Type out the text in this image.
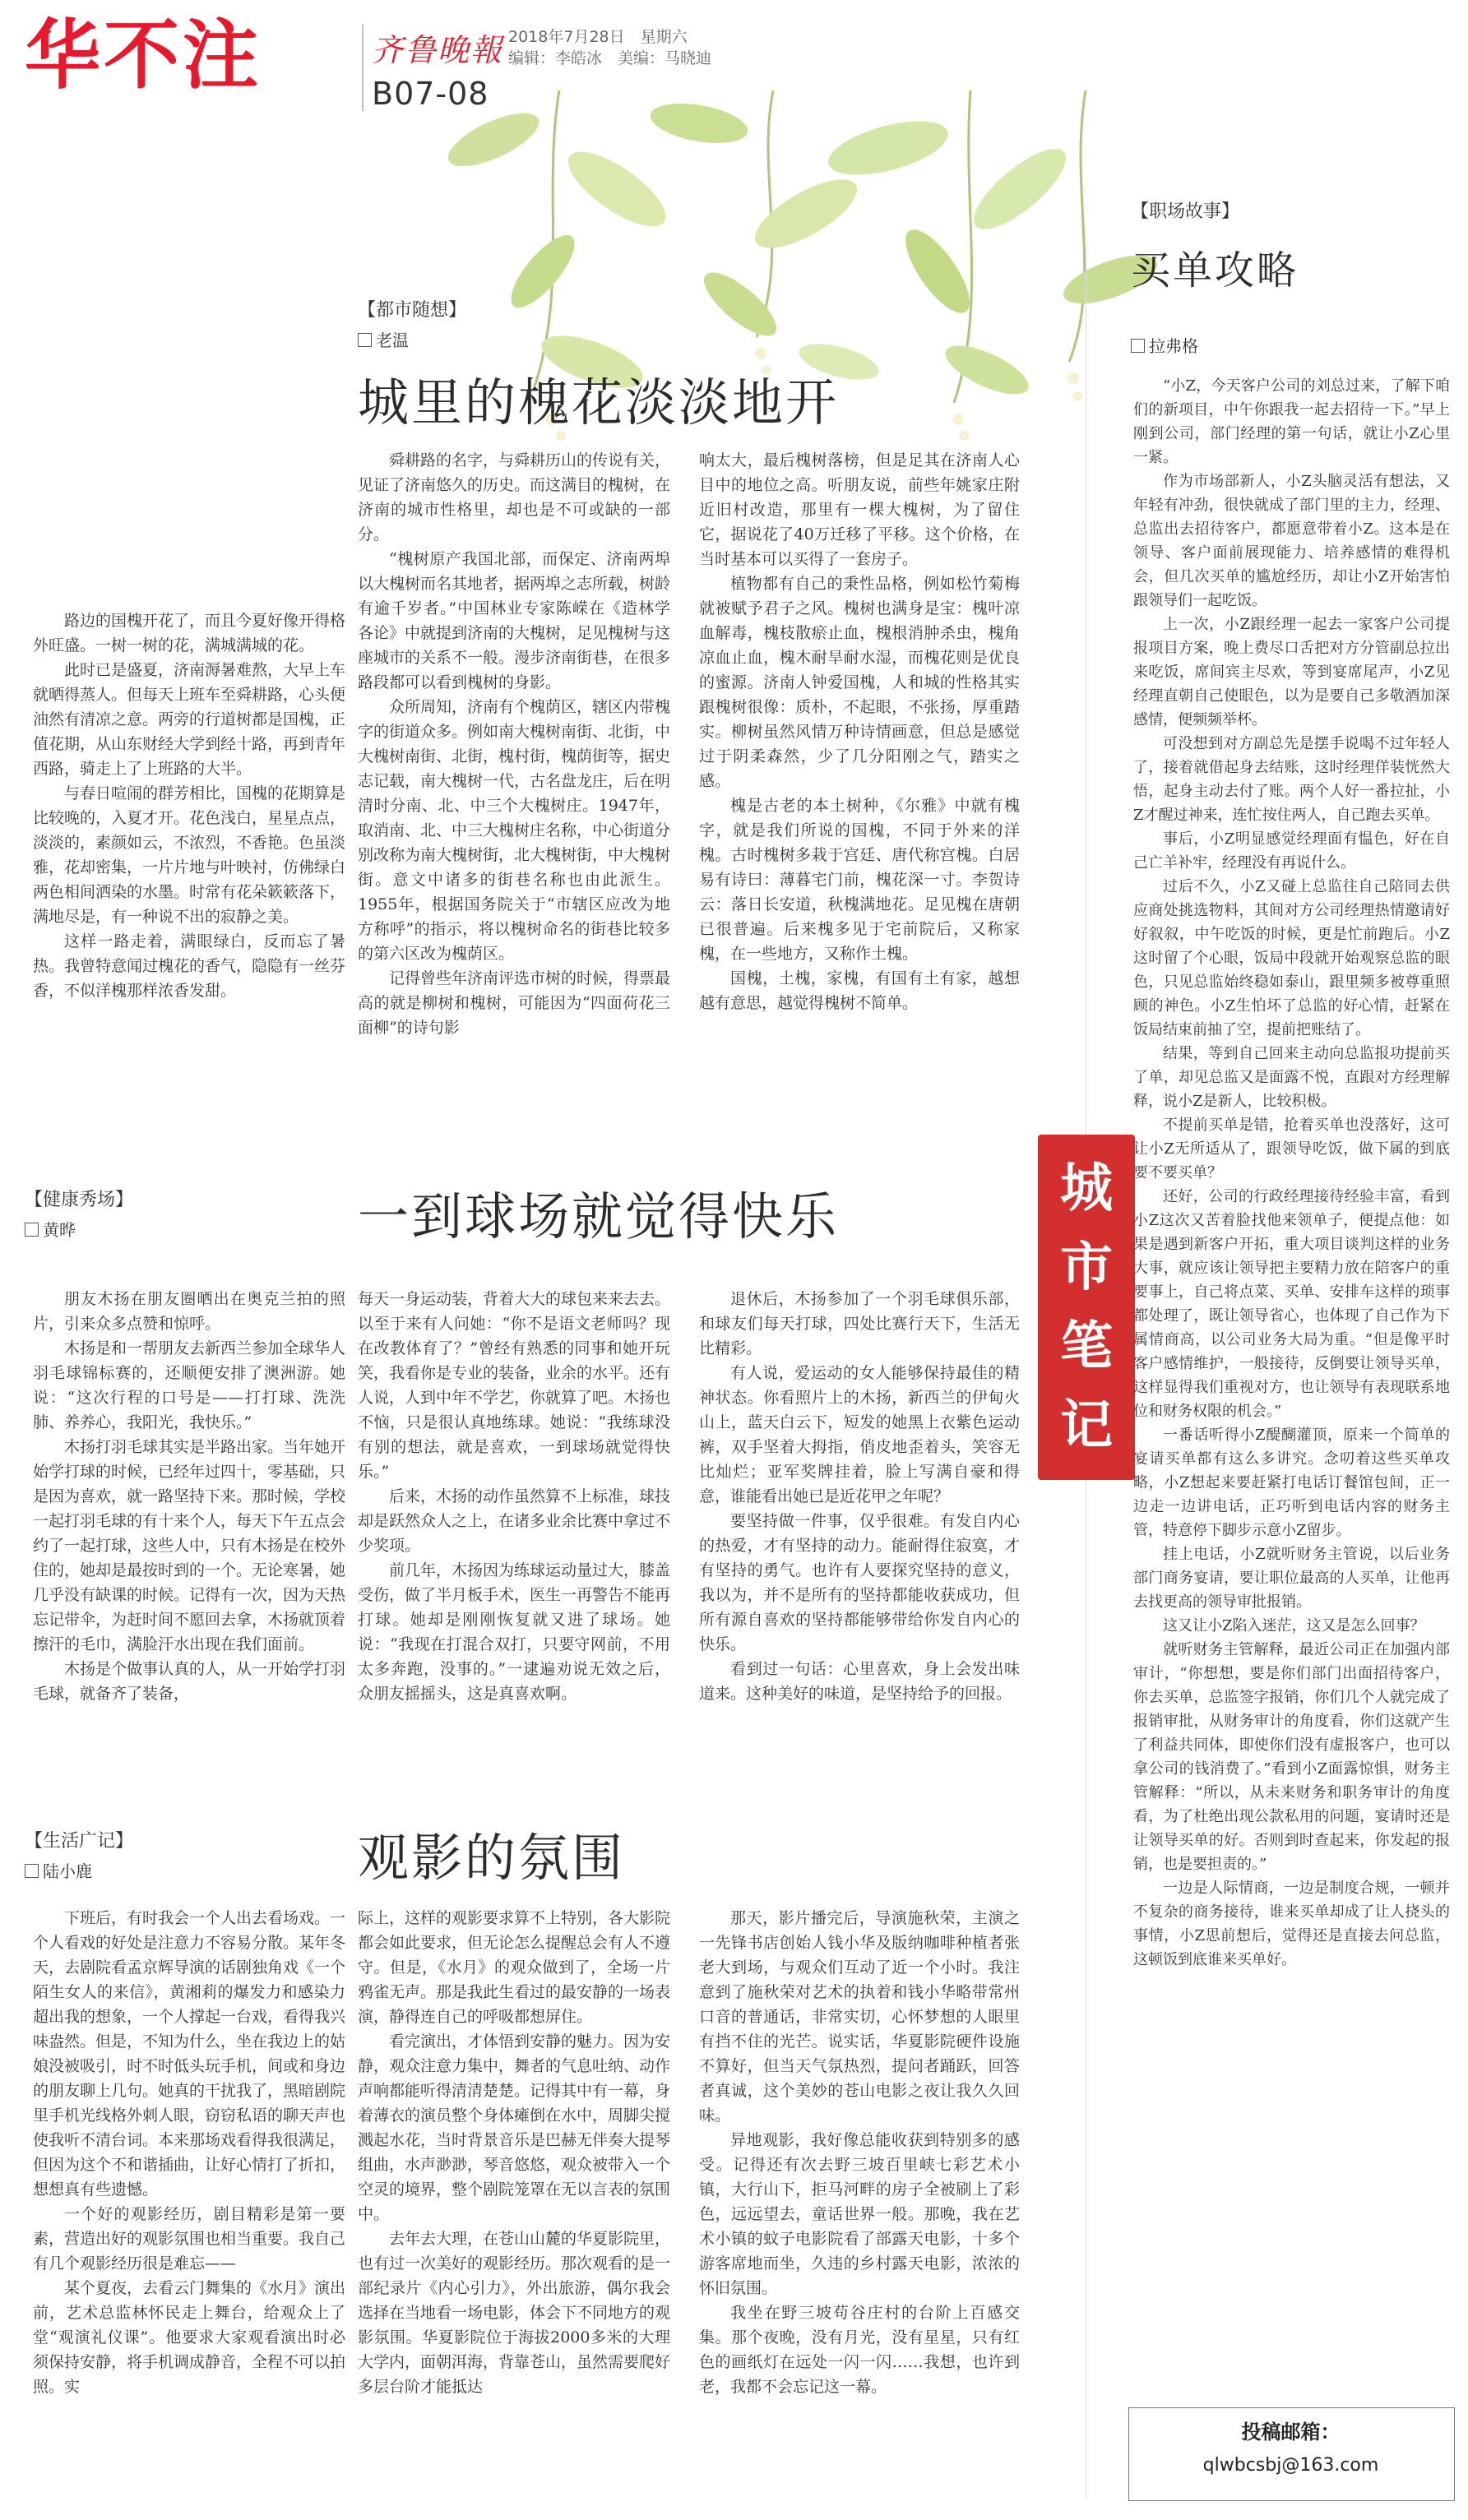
华不注	齐鲁晚報
B07-08
2018年7月28日　星期六
编辑：李皓冰　美编：马晓迪
【都市随想】
老温
城里的槐花淡淡地开

路边的国槐开花了，而且今夏好像开得格外旺盛。一树一树的花，满城满城的花。

此时已是盛夏，济南溽暑难熬，大早上车就晒得蒸人。但每天上班车至舜耕路，心头便油然有清凉之意。两旁的行道树都是国槐，正值花期，从山东财经大学到经十路，再到青年西路，骑走上了上班路的大半。

与春日喧闹的群芳相比，国槐的花期算是比较晚的，入夏才开。花色浅白，星星点点，淡淡的，素颜如云，不浓烈，不香艳。色虽淡雅，花却密集，一片片地与叶映衬，仿佛绿白两色相间洒染的水墨。时常有花朵簌簌落下，满地尽是，有一种说不出的寂静之美。

这样一路走着，满眼绿白，反而忘了暑热。我曾特意闻过槐花的香气，隐隐有一丝芬香，不似洋槐那样浓香发甜。

舜耕路的名字，与舜耕历山的传说有关，见证了济南悠久的历史。而这满目的槐树，在济南的城市性格里，却也是不可或缺的一部分。

“槐树原产我国北部，而保定、济南两埠以大槐树而名其地者，据两埠之志所载，树龄有逾千岁者。”中国林业专家陈嵘在《造林学各论》中就提到济南的大槐树，足见槐树与这座城市的关系不一般。漫步济南街巷，在很多路段都可以看到槐树的身影。

众所周知，济南有个槐荫区，辖区内带槐字的街道众多。例如南大槐树南街、北街，中大槐树南街、北街，槐村街，槐荫街等，据史志记载，南大槐树一代，古名盘龙庄，后在明清时分南、北、中三个大槐树庄。1947年，取消南、北、中三大槐树庄名称，中心街道分别改称为南大槐树街，北大槐树街，中大槐树街。意文中诸多的街巷名称也由此派生。1955年，根据国务院关于“市辖区应改为地方称呼”的指示，将以槐树命名的街巷比较多的第六区改为槐荫区。

记得曾些年济南评选市树的时候，得票最高的就是柳树和槐树，可能因为“四面荷花三面柳”的诗句影

响太大，最后槐树落榜，但是足其在济南人心目中的地位之高。听朋友说，前些年姚家庄附近旧村改造，那里有一棵大槐树，为了留住它，据说花了40万迁移了平移。这个价格，在当时基本可以买得了一套房子。

植物都有自己的秉性品格，例如松竹菊梅就被赋予君子之风。槐树也满身是宝：槐叶凉血解毒，槐枝散瘀止血，槐根消肿杀虫，槐角凉血止血，槐木耐旱耐水湿，而槐花则是优良的蜜源。济南人钟爱国槐，人和城的性格其实跟槐树很像：质朴，不起眼，不张扬，厚重踏实。柳树虽然风情万种诗情画意，但总是感觉过于阴柔森然，少了几分阳刚之气，踏实之感。

槐是古老的本土树种，《尔雅》中就有槐字，就是我们所说的国槐，不同于外来的洋槐。古时槐树多栽于宫廷、唐代称宫槐。白居易有诗曰：薄暮宅门前，槐花深一寸。李贺诗云：落日长安道，秋槐满地花。足见槐在唐朝已很普遍。后来槐多见于宅前院后，又称家槐，在一些地方，又称作土槐。

国槐，土槐，家槐，有国有土有家，越想越有意思，越觉得槐树不简单。

【健康秀场】
黄晔	一到球场就觉得快乐

朋友木扬在朋友圈晒出在奥克兰拍的照片，引来众多点赞和惊呼。

木扬是和一帮朋友去新西兰参加全球华人羽毛球锦标赛的，还顺便安排了澳洲游。她说：“这次行程的口号是——打打球、洗洗肺、养养心，我阳光，我快乐。”

木扬打羽毛球其实是半路出家。当年她开始学打球的时候，已经年过四十，零基础，只是因为喜欢，就一路坚持下来。那时候，学校一起打羽毛球的有十来个人，每天下午五点会约了一起打球，这些人中，只有木扬是在校外住的，她却是最按时到的一个。无论寒暑，她几乎没有缺课的时候。记得有一次，因为天热忘记带伞，为赶时间不愿回去拿，木扬就顶着擦汗的毛巾，满脸汗水出现在我们面前。

木扬是个做事认真的人，从一开始学打羽毛球，就备齐了装备，

每天一身运动装，背着大大的球包来来去去。以至于来有人问她：“你不是语文老师吗？现在改教体育了？”曾经有熟悉的同事和她开玩笑，我看你是专业的装备，业余的水平。还有人说，人到中年不学艺，你就算了吧。木扬也不恼，只是很认真地练球。她说：“我练球没有别的想法，就是喜欢，一到球场就觉得快乐。”

后来，木扬的动作虽然算不上标准，球技却是跃然众人之上，在诸多业余比赛中拿过不少奖项。

前几年，木扬因为练球运动量过大，膝盖受伤，做了半月板手术，医生一再警告不能再打球。她却是刚刚恢复就又进了球场。她说：“我现在打混合双打，只要守网前，不用太多奔跑，没事的。”一逮遍劝说无效之后，众朋友摇摇头，这是真喜欢啊。

退休后，木扬参加了一个羽毛球俱乐部，和球友们每天打球，四处比赛行天下，生活无比精彩。

有人说，爱运动的女人能够保持最佳的精神状态。你看照片上的木扬，新西兰的伊甸火山上，蓝天白云下，短发的她黑上衣紫色运动裤，双手坚着大拇指，俏皮地歪着头，笑容无比灿烂；亚军奖牌挂着，脸上写满自豪和得意，谁能看出她已是近花甲之年呢？

要坚持做一件事，仅乎很难。有发自内心的热爱，才有坚持的动力。能耐得住寂寞，才有坚持的勇气。也许有人要探究坚持的意义，我以为，并不是所有的坚持都能收获成功，但所有源自喜欢的坚持都能够带给你发自内心的快乐。

看到过一句话：心里喜欢，身上会发出味道来。这种美好的味道，是坚持给予的回报。

【生活广记】
陆小鹿	观影的氛围

下班后，有时我会一个人出去看场戏。一个人看戏的好处是注意力不容易分散。某年冬天，去剧院看孟京辉导演的话剧独角戏《一个陌生女人的来信》，黄湘莉的爆发力和感染力超出我的想象，一个人撑起一台戏，看得我兴味盎然。但是，不知为什么，坐在我边上的姑娘没被吸引，时不时低头玩手机，间或和身边的朋友聊上几句。她真的干扰我了，黑暗剧院里手机光线格外刺人眼，窃窃私语的聊天声也使我听不清台词。本来那场戏看得我很满足，但因为这个不和谐插曲，让好心情打了折扣，想想真有些遗憾。

一个好的观影经历，剧目精彩是第一要素，营造出好的观影氛围也相当重要。我自己有几个观影经历很是难忘——

某个夏夜，去看云门舞集的《水月》演出前，艺术总监林怀民走上舞台，给观众上了堂“观演礼仪课”。他要求大家观看演出时必须保持安静，将手机调成静音，全程不可以拍照。实

际上，这样的观影要求算不上特别，各大影院都会如此要求，但无论怎么提醒总会有人不遵守。但是，《水月》的观众做到了，全场一片鸦雀无声。那是我此生看过的最安静的一场表演，静得连自己的呼吸都想屏住。

看完演出，才体悟到安静的魅力。因为安静，观众注意力集中，舞者的气息吐纳、动作声响都能听得清清楚楚。记得其中有一幕，身着薄衣的演员整个身体瘫倒在水中，周脚尖搅溅起水花，当时背景音乐是巴赫无伴奏大提琴组曲，水声渺渺，琴音悠悠，观众被带入一个空灵的境界，整个剧院笼罩在无以言表的氛围中。

去年去大理，在苍山山麓的华夏影院里，也有过一次美好的观影经历。那次观看的是一部纪录片《内心引力》，外出旅游，偶尔我会选择在当地看一场电影，体会下不同地方的观影氛围。华夏影院位于海拔2000多米的大理大学内，面朝洱海，背靠苍山，虽然需要爬好多层台阶才能抵达

那天，影片播完后，导演施秋荣，主演之一先锋书店创始人钱小华及版纳咖啡种植者张老大到场，与观众们互动了近一个小时。我注意到了施秋荣对艺术的执着和钱小华略带常州口音的普通话，非常实切，心怀梦想的人眼里有挡不住的光芒。说实话，华夏影院硬件设施不算好，但当天气氛热烈，提问者踊跃，回答者真诚，这个美妙的苍山电影之夜让我久久回味。

异地观影，我好像总能收获到特别多的感受。记得还有次去野三坡百里峡七彩艺术小镇，大行山下，拒马河畔的房子全被刷上了彩色，远远望去，童话世界一般。那晚，我在艺术小镇的蚊子电影院看了部露天电影，十多个游客席地而坐，久违的乡村露天电影，浓浓的怀旧氛围。

我坐在野三坡苟谷庄村的台阶上百感交集。那个夜晚，没有月光，没有星星，只有红色的画纸灯在远处一闪一闪……我想，也许到老，我都不会忘记这一幕。

城
市
笔
记
【职场故事】
买单攻略
拉弗格

“小Z，今天客户公司的刘总过来，了解下咱们的新项目，中午你跟我一起去招待一下。”早上刚到公司，部门经理的第一句话，就让小Z心里一紧。

作为市场部新人，小Z头脑灵活有想法，又年轻有冲劲，很快就成了部门里的主力，经理、总监出去招待客户，都愿意带着小Z。这本是在领导、客户面前展现能力、培养感情的难得机会，但几次买单的尴尬经历，却让小Z开始害怕跟领导们一起吃饭。

上一次，小Z跟经理一起去一家客户公司提报项目方案，晚上费尽口舌把对方分管副总拉出来吃饭，席间宾主尽欢，等到宴席尾声，小Z见经理直朝自己使眼色，以为是要自己多敬酒加深感情，便频频举杯。

可没想到对方副总先是摆手说喝不过年轻人了，接着就借起身去结账，这时经理佯装恍然大悟，起身主动去付了账。两个人好一番拉扯，小Z才醒过神来，连忙按住两人，自己跑去买单。

事后，小Z明显感觉经理面有愠色，好在自己亡羊补牢，经理没有再说什么。

过后不久，小Z又碰上总监往自己陪同去供应商处挑选物料，其间对方公司经理热情邀请好好叙叙，中午吃饭的时候，更是忙前跑后。小Z这时留了个心眼，饭局中段就开始观察总监的眼色，只见总监始终稳如泰山，跟里频多被尊重照顾的神色。小Z生怕坏了总监的好心情，赶紧在饭局结束前抽了空，提前把账结了。

结果，等到自己回来主动向总监报功提前买了单，却见总监又是面露不悦，直跟对方经理解释，说小Z是新人，比较积极。

不提前买单是错，抢着买单也没落好，这可让小Z无所适从了，跟领导吃饭，做下属的到底要不要买单？

还好，公司的行政经理接待经验丰富，看到小Z这次又苦着脸找他来领单子，便提点他：如果是遇到新客户开拓，重大项目谈判这样的业务大事，就应该让领导把主要精力放在陪客户的重要事上，自己将点菜、买单、安排车这样的琐事都处理了，既让领导省心，也体现了自己作为下属情商高，以公司业务大局为重。“但是像平时客户感情维护，一般接待，反倒要让领导买单，这样显得我们重视对方，也让领导有表现联系地位和财务权限的机会。”

一番话听得小Z醍醐灌顶，原来一个简单的宴请买单都有这么多讲究。念叨着这些买单攻略，小Z想起来要赶紧打电话订餐馆包间，正一边走一边讲电话，正巧听到电话内容的财务主管，特意停下脚步示意小Z留步。

挂上电话，小Z就听财务主管说，以后业务部门商务宴请，要让职位最高的人买单，让他再去找更高的领导审批报销。

这又让小Z陷入迷茫，这又是怎么回事？

就听财务主管解释，最近公司正在加强内部审计，“你想想，要是你们部门出面招待客户，你去买单，总监签字报销，你们几个人就完成了报销审批，从财务审计的角度看，你们这就产生了利益共同体，即使你们没有虚报客户，也可以拿公司的钱消费了。”看到小Z面露惊惧，财务主管解释：“所以，从未来财务和职务审计的角度看，为了杜绝出现公款私用的问题，宴请时还是让领导买单的好。否则到时查起来，你发起的报销，也是要担责的。”

一边是人际情商，一边是制度合规，一顿并不复杂的商务接待，谁来买单却成了让人挠头的事情，小Z思前想后，觉得还是直接去问总监，这顿饭到底谁来买单好。

投稿邮箱：
qlwbcsbj@163.com
